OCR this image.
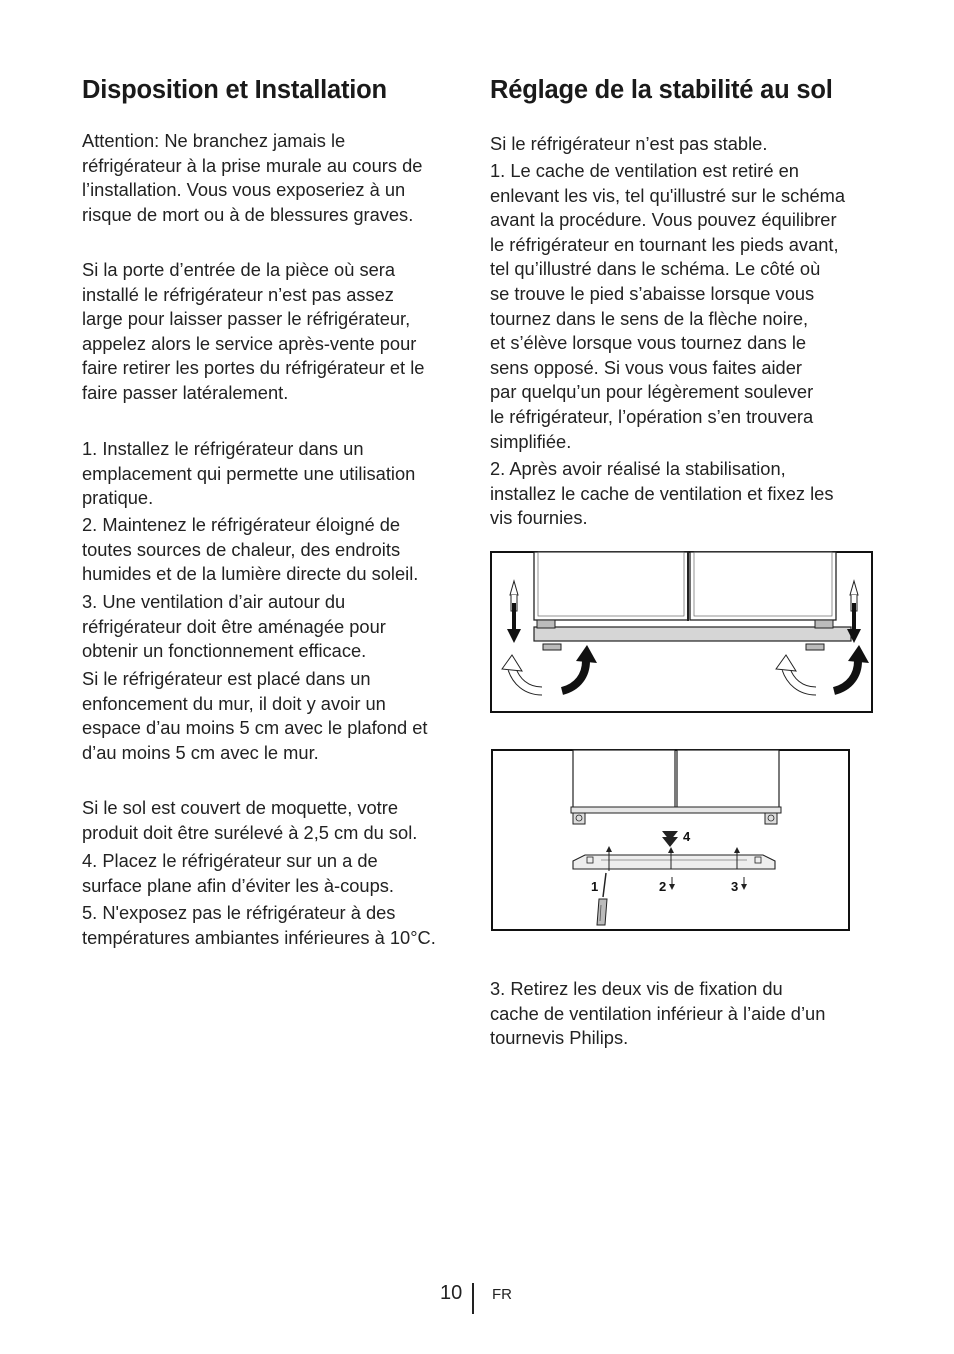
Disposition et Installation
Attention: Ne branchez jamais le
réfrigérateur à la prise murale au cours de
l’installation. Vous vous exposeriez à un
risque de mort ou à de blessures graves.
Si la porte d’entrée de la pièce où sera
installé le réfrigérateur n’est pas assez
large pour laisser passer le réfrigérateur,
appelez alors le service après-vente pour
faire retirer les portes du réfrigérateur et le
faire passer latéralement.
1. Installez le réfrigérateur dans un
emplacement qui permette une utilisation
pratique.
2. Maintenez le réfrigérateur éloigné de
toutes sources de chaleur, des endroits
humides et de la lumière directe du soleil.
3. Une ventilation d’air autour du
réfrigérateur doit être aménagée pour
obtenir un fonctionnement efficace.
Si le réfrigérateur est placé dans un
enfoncement du mur, il doit y avoir un
espace d’au moins 5 cm avec le plafond et
d’au moins 5 cm avec le mur.
Si le sol est couvert de moquette, votre
produit doit être surélevé à 2,5 cm du sol.
4. Placez le réfrigérateur sur un a de
surface plane afin d’éviter les à-coups.
5. N'exposez pas le réfrigérateur à des
températures ambiantes inférieures à 10°C.
Réglage de la stabilité au sol
Si le réfrigérateur n’est pas stable.
1. Le cache de ventilation est retiré en
enlevant les vis, tel qu'illustré sur le schéma
avant la procédure. Vous pouvez équilibrer
le réfrigérateur en tournant les pieds avant,
tel qu’illustré dans le schéma. Le côté où
se trouve le pied s’abaisse lorsque vous
tournez dans le sens de la flèche noire,
et s’élève lorsque vous tournez dans le
sens opposé. Si vous vous faites aider
par quelqu’un pour légèrement soulever
le réfrigérateur, l’opération s’en trouvera
simplifiée.
2. Après avoir réalisé la stabilisation,
installez le cache de ventilation et fixez les
vis fournies.
3. Retirez les deux vis de fixation du
cache de ventilation inférieur à l’aide d’un
tournevis Philips.
4
1	2	3
10 FR
